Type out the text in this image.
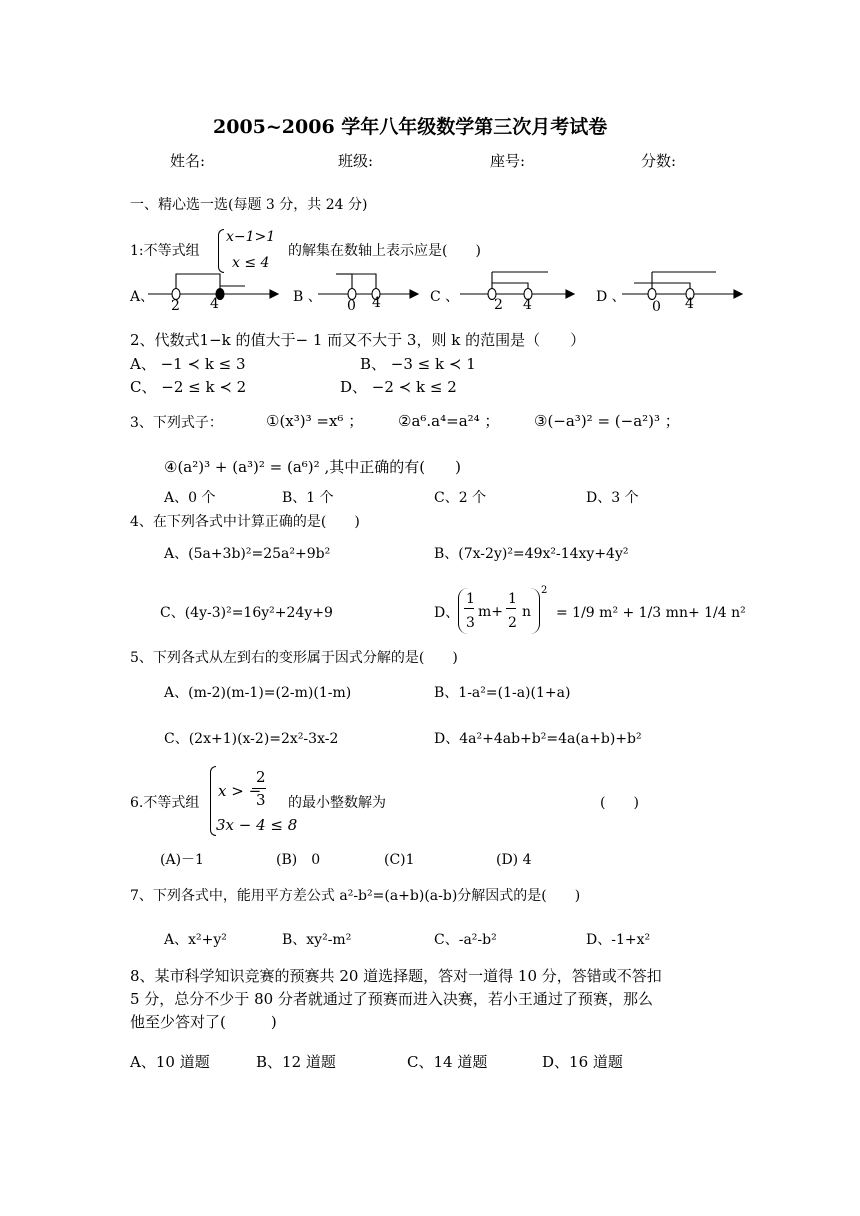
2005~2006 学年八年级数学第三次月考试卷
姓名:	班级:	座号:	分数:
一、精心选一选(每题 3 分，共 24 分)
1:不等式组
x−1>1
x ≤ 4
的解集在数轴上表示应是(　　)
A、	B 、	C 、	D 、
2 4	0 4	2 4	0 4
2、代数式1−k 的值大于− 1 而又不大于 3，则 k 的范围是（　　）
A、 −1 ≺ k ≤ 3	B、 −3 ≤ k ≺ 1
C、 −2 ≤ k ≺ 2	D、 −2 ≺ k ≤ 2
3、下列式子：	①(x³)³ =x⁶ ； ②a⁶.a⁴=a²⁴ ； ③(−a³)² = (−a²)³ ；
④(a²)³ + (a³)² = (a⁶)² ,其中正确的有(　　)
A、0 个	B、1 个	C、2 个	D、3 个
4、在下列各式中计算正确的是(　　)
A、(5a+3b)²=25a²+9b²	B、(7x-2y)²=49x²-14xy+4y²
C、(4y-3)²=16y²+24y+9	D、
1
3
m+
1
2
n
2
= 1/9 m² + 1/3 mn+ 1/4 n²
5、下列各式从左到右的变形属于因式分解的是(　　)
A、(m-2)(m-1)=(2-m)(1-m)	B、1-a²=(1-a)(1+a)
C、(2x+1)(x-2)=2x²-3x-2	D、4a²+4ab+b²=4a(a+b)+b²
6.不等式组
x > −
2
3
3x − 4 ≤ 8
的最小整数解为	(　　)
(A)－1	(B)　0	(C)1	(D) 4
7、下列各式中，能用平方差公式 a²-b²=(a+b)(a-b)分解因式的是(　　)
A、x²+y²	B、xy²-m²	C、-a²-b²	D、-1+x²
8、某市科学知识竞赛的预赛共 20 道选择题，答对一道得 10 分，答错或不答扣
5 分，总分不少于 80 分者就通过了预赛而进入决赛，若小王通过了预赛，那么
他至少答对了(　　　)
A、10 道题	B、12 道题	C、14 道题	D、16 道题
